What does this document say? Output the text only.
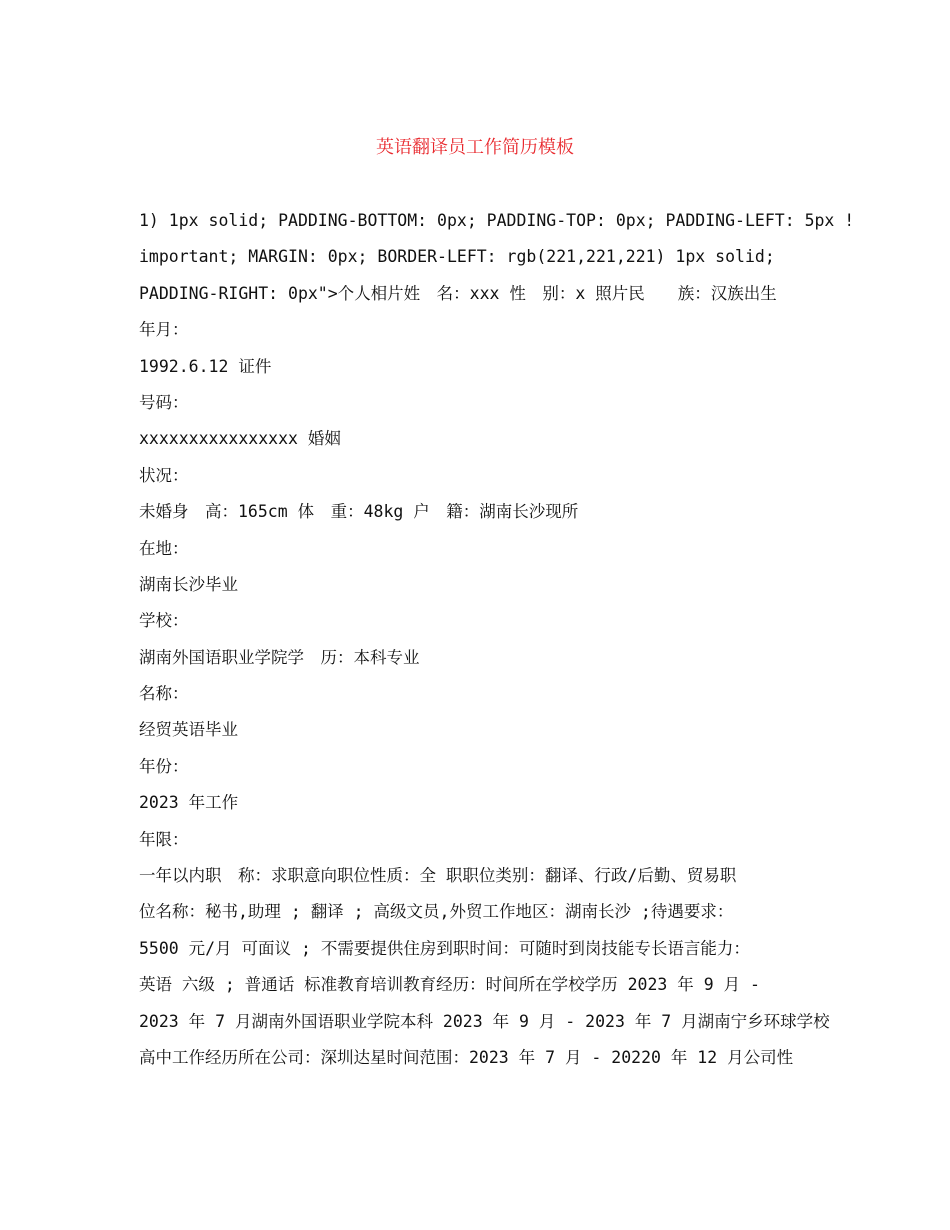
英语翻译员工作简历模板
1) 1px solid; PADDING-BOTTOM: 0px; PADDING-TOP: 0px; PADDING-LEFT: 5px !
important; MARGIN: 0px; BORDER-LEFT: rgb(221,221,221) 1px solid;
PADDING-RIGHT: 0px">个人相片姓　名：xxx 性　别：x 照片民　　族：汉族出生
年月：
1992.6.12 证件
号码：
xxxxxxxxxxxxxxxx 婚姻
状况：
未婚身　高：165cm 体　重：48kg 户　籍：湖南长沙现所
在地：
湖南长沙毕业
学校：
湖南外国语职业学院学　历：本科专业
名称：
经贸英语毕业
年份：
2023 年工作
年限：
一年以内职　称：求职意向职位性质：全 职职位类别：翻译、行政/后勤、贸易职
位名称：秘书,助理 ; 翻译 ; 高级文员,外贸工作地区：湖南长沙 ;待遇要求：
5500 元/月 可面议 ; 不需要提供住房到职时间：可随时到岗技能专长语言能力：
英语 六级 ; 普通话 标准教育培训教育经历：时间所在学校学历 2023 年 9 月 -
2023 年 7 月湖南外国语职业学院本科 2023 年 9 月 - 2023 年 7 月湖南宁乡环球学校
高中工作经历所在公司：深圳达星时间范围：2023 年 7 月 - 20220 年 12 月公司性
